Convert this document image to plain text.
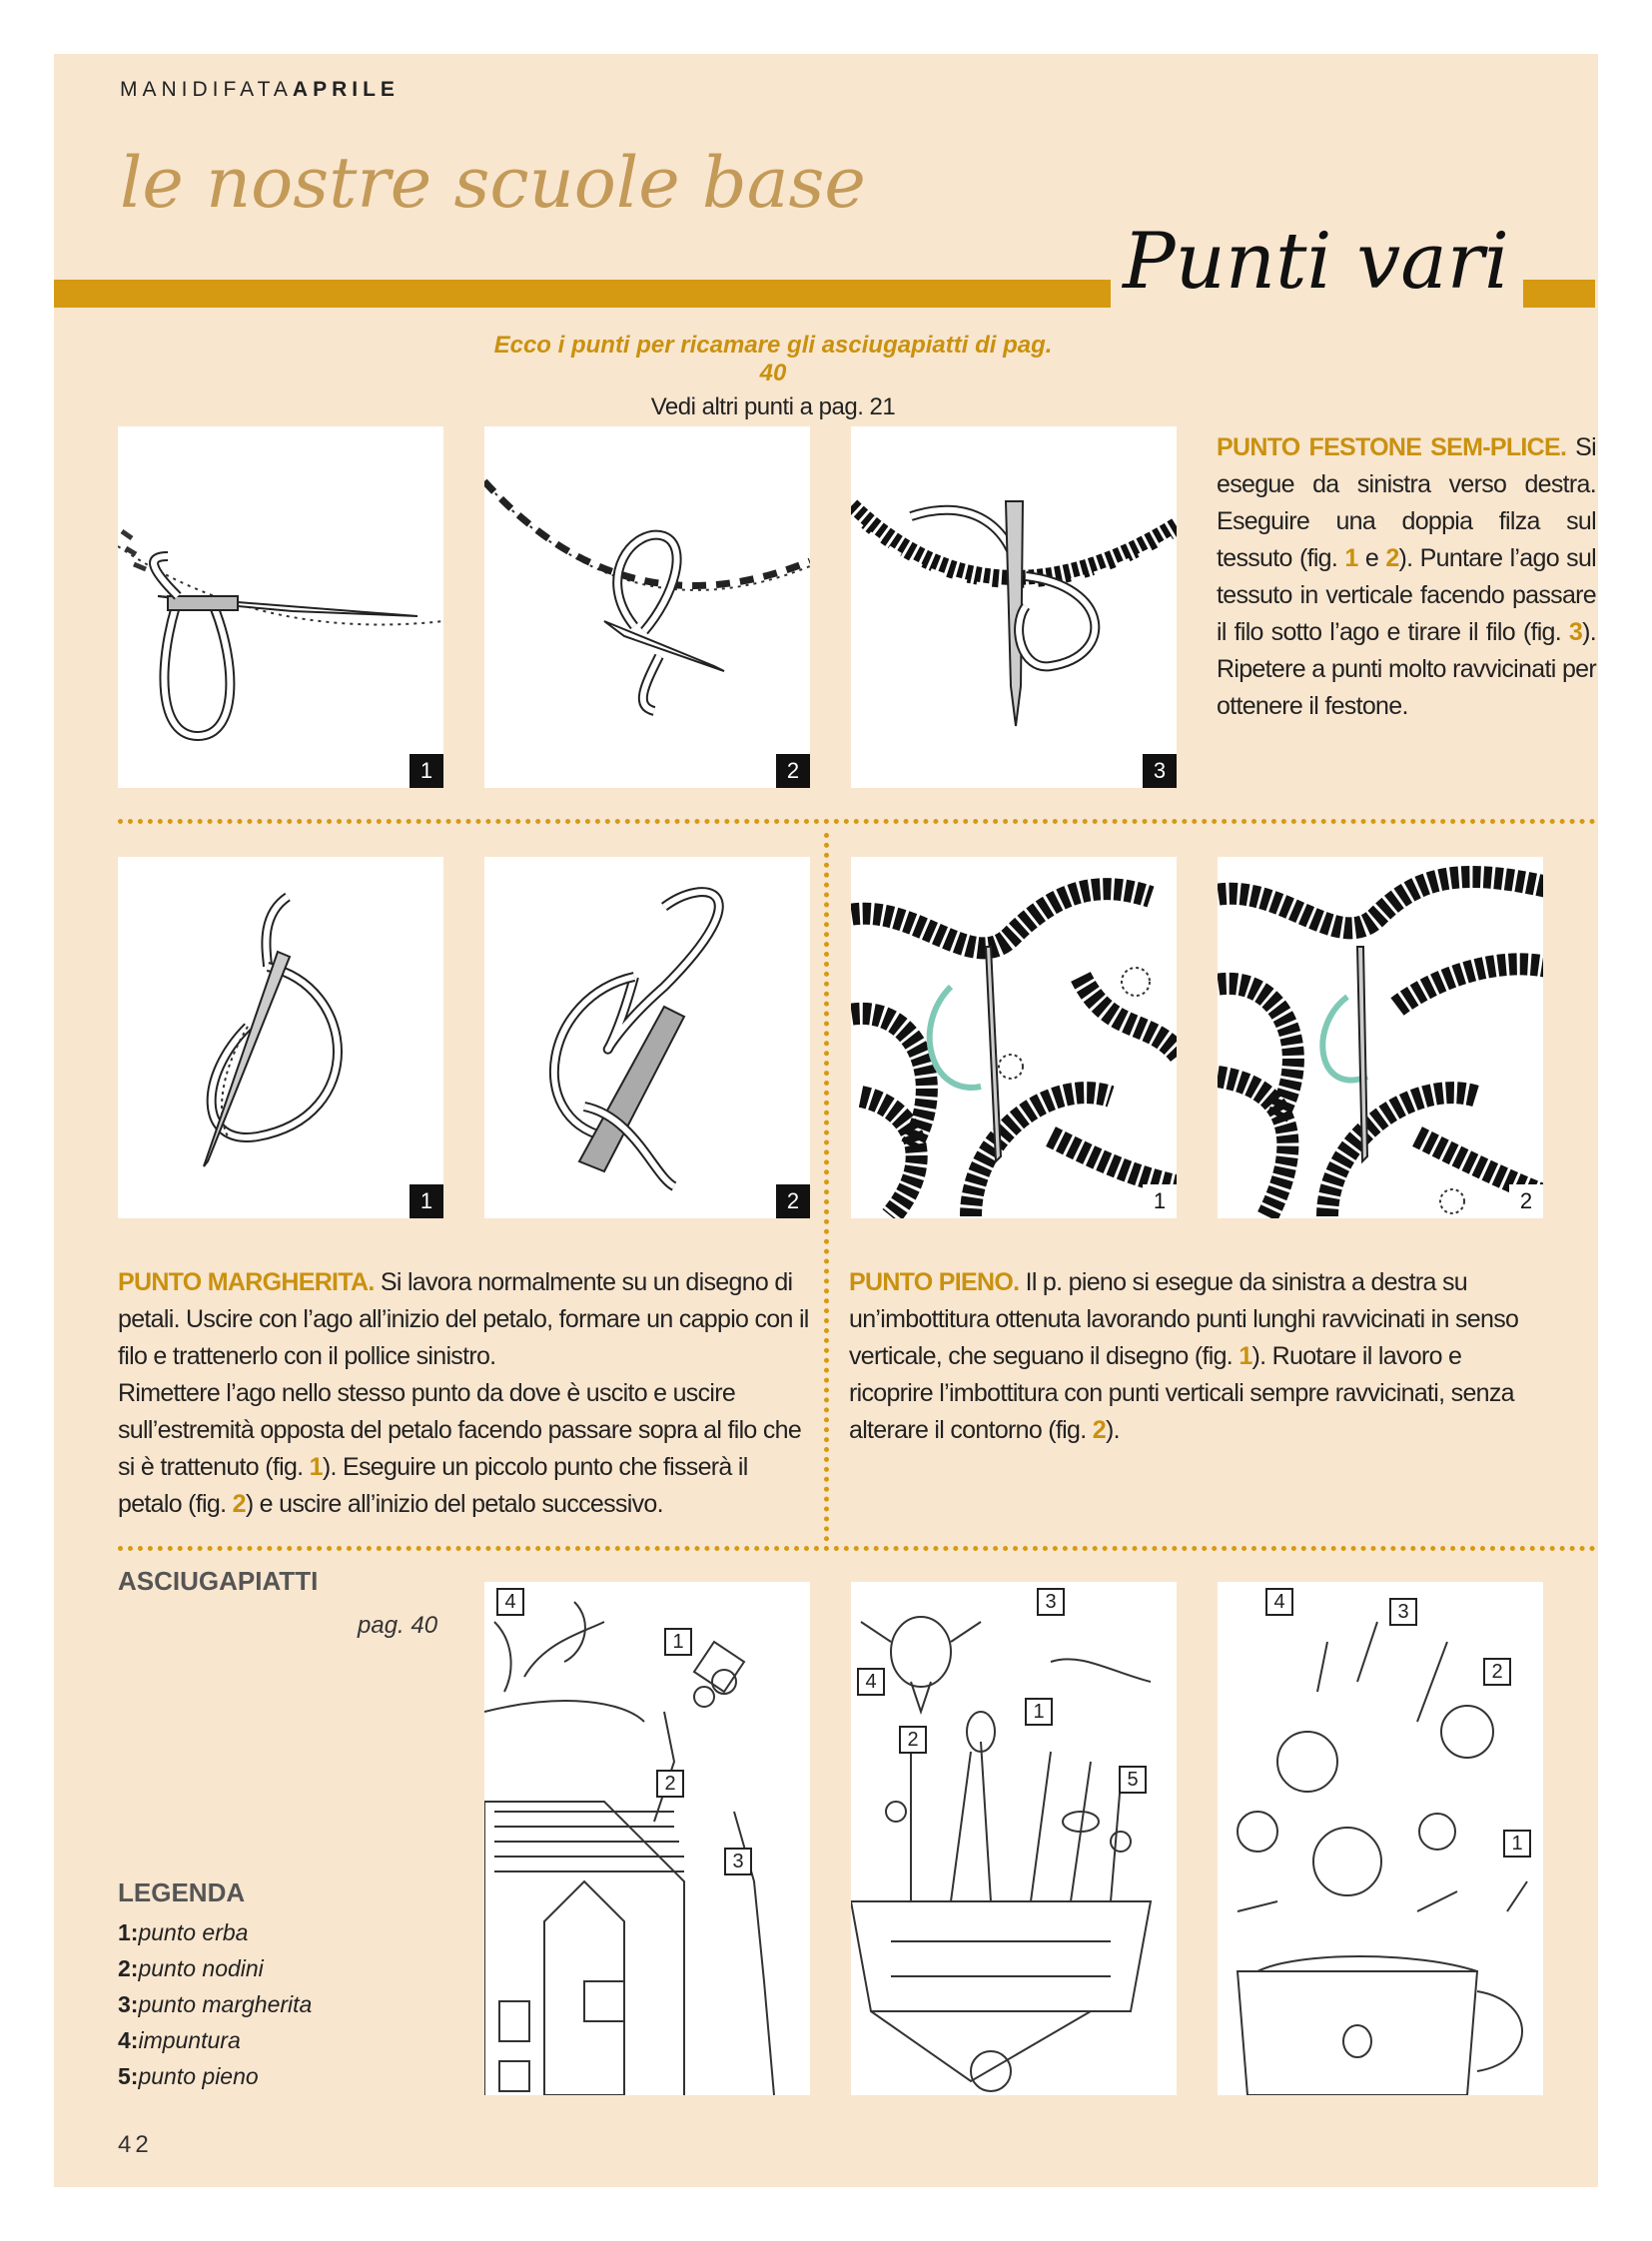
MANIDIFATAAPRILE
le nostre scuole base
Punti vari
Ecco i punti per ricamare gli asciugapiatti di pag. 40
Vedi altri punti a pag. 21
1	2	3
PUNTO FESTONE SEM-PLICE. Si esegue da sinistra verso destra. Eseguire una doppia filza sul tessuto (fig. 1 e 2). Puntare l’ago sul tessuto in verticale facendo passare il filo sotto l’ago e tirare il filo (fig. 3). Ripetere a punti molto ravvicinati per ottenere il festone.
1	2	1	2
PUNTO MARGHERITA. Si lavora normalmente su un disegno di petali. Uscire con l’ago all’inizio del petalo, formare un cappio con il filo e trattenerlo con il pollice sinistro.
Rimettere l’ago nello stesso punto da dove è uscito e uscire sull’estremità opposta del petalo facendo passare sopra al filo che si è trattenuto (fig. 1). Eseguire un piccolo punto che fisserà il petalo (fig. 2) e uscire all’inizio del petalo successivo.
PUNTO PIENO. Il p. pieno si esegue da sinistra a destra su un’imbottitura ottenuta lavorando punti lunghi ravvicinati in senso verticale, che seguano il disegno (fig. 1). Ruotare il lavoro e ricoprire l’imbottitura con punti verticali sempre ravvicinati, senza alterare il contorno (fig. 2).
ASCIUGAPIATTI
pag. 40
4
1
2
3
3
4
1
2
5
4	3
2
1
LEGENDA
1:punto erba
2:punto nodini
3:punto margherita
4:impuntura
5:punto pieno
42
